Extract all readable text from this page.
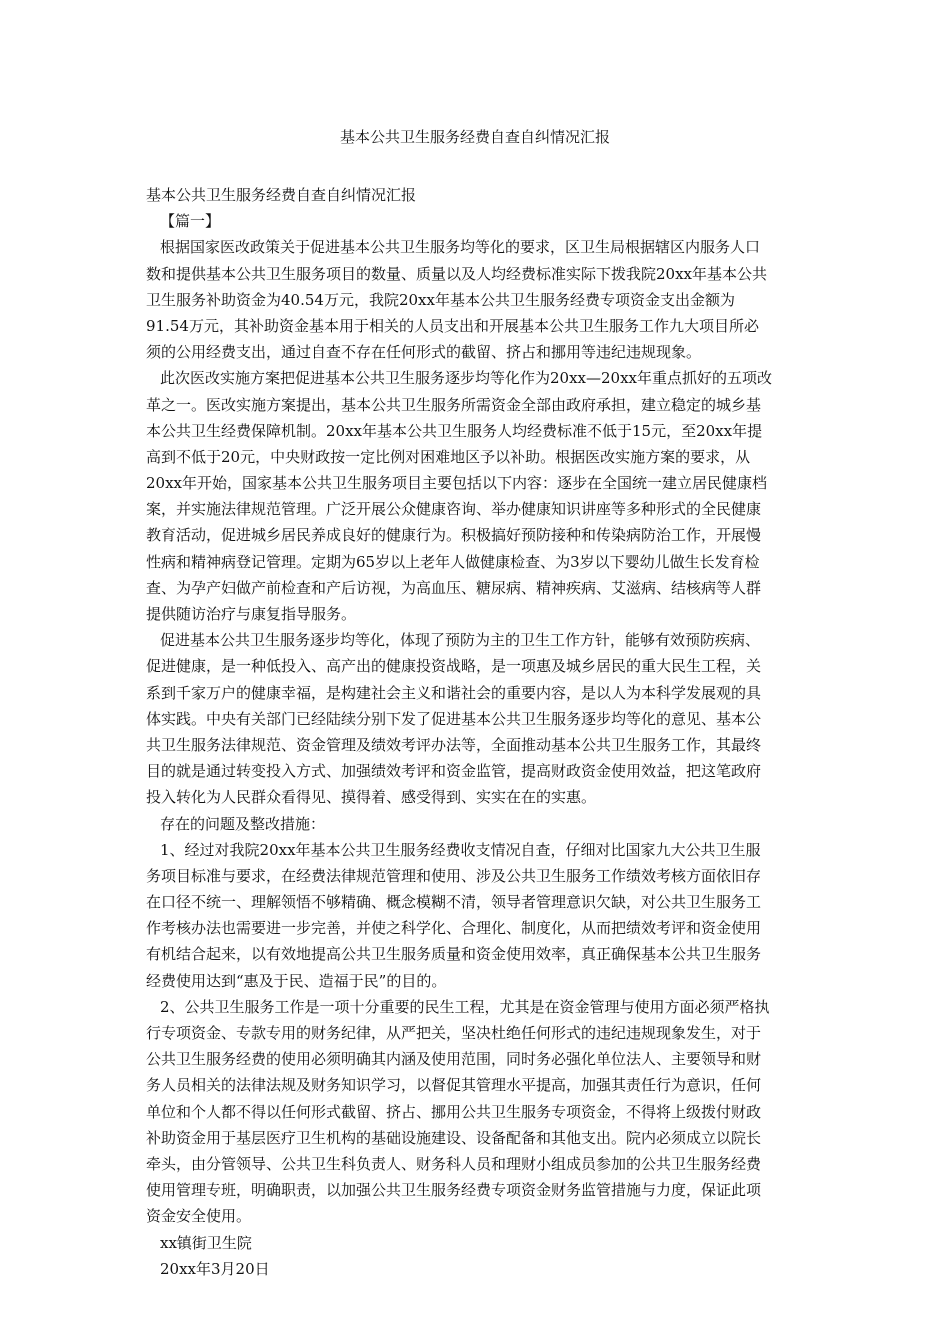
基本公共卫生服务经费自查自纠情况汇报
基本公共卫生服务经费自查自纠情况汇报
【篇一】
根据国家医改政策关于促进基本公共卫生服务均等化的要求，区卫生局根据辖区内服务人口
数和提供基本公共卫生服务项目的数量、质量以及人均经费标准实际下拨我院20xx年基本公共
卫生服务补助资金为40.54万元，我院20xx年基本公共卫生服务经费专项资金支出金额为
91.54万元，其补助资金基本用于相关的人员支出和开展基本公共卫生服务工作九大项目所必
须的公用经费支出，通过自查不存在任何形式的截留、挤占和挪用等违纪违规现象。
此次医改实施方案把促进基本公共卫生服务逐步均等化作为20xx—20xx年重点抓好的五项改
革之一。医改实施方案提出，基本公共卫生服务所需资金全部由政府承担，建立稳定的城乡基
本公共卫生经费保障机制。20xx年基本公共卫生服务人均经费标准不低于15元，至20xx年提
高到不低于20元，中央财政按一定比例对困难地区予以补助。根据医改实施方案的要求，从
20xx年开始，国家基本公共卫生服务项目主要包括以下内容：逐步在全国统一建立居民健康档
案，并实施法律规范管理。广泛开展公众健康咨询、举办健康知识讲座等多种形式的全民健康
教育活动，促进城乡居民养成良好的健康行为。积极搞好预防接种和传染病防治工作，开展慢
性病和精神病登记管理。定期为65岁以上老年人做健康检查、为3岁以下婴幼儿做生长发育检
查、为孕产妇做产前检查和产后访视，为高血压、糖尿病、精神疾病、艾滋病、结核病等人群
提供随访治疗与康复指导服务。
促进基本公共卫生服务逐步均等化，体现了预防为主的卫生工作方针，能够有效预防疾病、
促进健康，是一种低投入、高产出的健康投资战略，是一项惠及城乡居民的重大民生工程，关
系到千家万户的健康幸福，是构建社会主义和谐社会的重要内容，是以人为本科学发展观的具
体实践。中央有关部门已经陆续分别下发了促进基本公共卫生服务逐步均等化的意见、基本公
共卫生服务法律规范、资金管理及绩效考评办法等，全面推动基本公共卫生服务工作，其最终
目的就是通过转变投入方式、加强绩效考评和资金监管，提高财政资金使用效益，把这笔政府
投入转化为人民群众看得见、摸得着、感受得到、实实在在的实惠。
存在的问题及整改措施：
1、经过对我院20xx年基本公共卫生服务经费收支情况自查，仔细对比国家九大公共卫生服
务项目标准与要求，在经费法律规范管理和使用、涉及公共卫生服务工作绩效考核方面依旧存
在口径不统一、理解领悟不够精确、概念模糊不清，领导者管理意识欠缺，对公共卫生服务工
作考核办法也需要进一步完善，并使之科学化、合理化、制度化，从而把绩效考评和资金使用
有机结合起来，以有效地提高公共卫生服务质量和资金使用效率，真正确保基本公共卫生服务
经费使用达到“惠及于民、造福于民”的目的。
2、公共卫生服务工作是一项十分重要的民生工程，尤其是在资金管理与使用方面必须严格执
行专项资金、专款专用的财务纪律，从严把关，坚决杜绝任何形式的违纪违规现象发生，对于
公共卫生服务经费的使用必须明确其内涵及使用范围，同时务必强化单位法人、主要领导和财
务人员相关的法律法规及财务知识学习，以督促其管理水平提高，加强其责任行为意识，任何
单位和个人都不得以任何形式截留、挤占、挪用公共卫生服务专项资金，不得将上级拨付财政
补助资金用于基层医疗卫生机构的基础设施建设、设备配备和其他支出。院内必须成立以院长
牵头，由分管领导、公共卫生科负责人、财务科人员和理财小组成员参加的公共卫生服务经费
使用管理专班，明确职责，以加强公共卫生服务经费专项资金财务监管措施与力度，保证此项
资金安全使用。
xx镇街卫生院
20xx年3月20日
